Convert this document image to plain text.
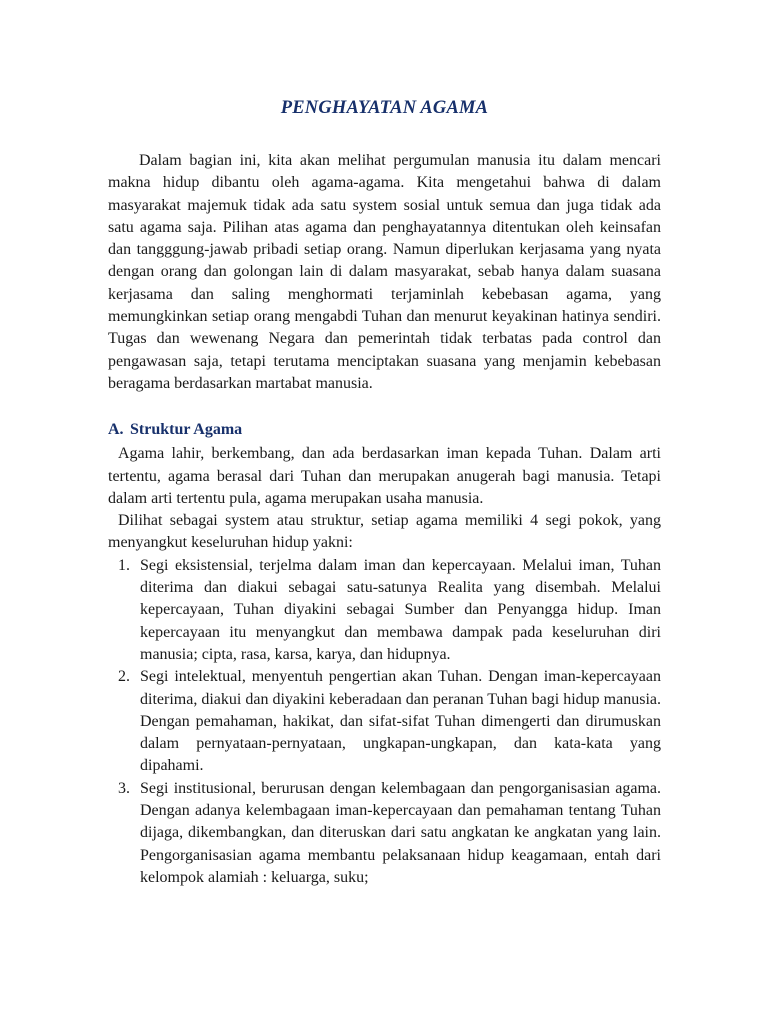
PENGHAYATAN AGAMA

Dalam bagian ini, kita akan melihat pergumulan manusia itu dalam mencari makna hidup dibantu oleh agama-agama. Kita mengetahui bahwa di dalam masyarakat majemuk tidak ada satu system sosial untuk semua dan juga tidak ada satu agama saja. Pilihan atas agama dan penghayatannya ditentukan oleh keinsafan dan tangggung-jawab pribadi setiap orang. Namun diperlukan kerjasama yang nyata dengan orang dan golongan lain di dalam masyarakat, sebab hanya dalam suasana kerjasama dan saling menghormati terjaminlah kebebasan agama, yang memungkinkan setiap orang mengabdi Tuhan dan menurut keyakinan hatinya sendiri. Tugas dan wewenang Negara dan pemerintah tidak terbatas pada control dan pengawasan saja, tetapi terutama menciptakan suasana yang menjamin kebebasan beragama berdasarkan martabat manusia.

A. Struktur Agama

Agama lahir, berkembang, dan ada berdasarkan iman kepada Tuhan. Dalam arti tertentu, agama berasal dari Tuhan dan merupakan anugerah bagi manusia. Tetapi dalam arti tertentu pula, agama merupakan usaha manusia.

Dilihat sebagai system atau struktur, setiap agama memiliki 4 segi pokok, yang menyangkut keseluruhan hidup yakni:

1. Segi eksistensial, terjelma dalam iman dan kepercayaan. Melalui iman, Tuhan diterima dan diakui sebagai satu-satunya Realita yang disembah. Melalui kepercayaan, Tuhan diyakini sebagai Sumber dan Penyangga hidup. Iman kepercayaan itu menyangkut dan membawa dampak pada keseluruhan diri manusia; cipta, rasa, karsa, karya, dan hidupnya.
2. Segi intelektual, menyentuh pengertian akan Tuhan. Dengan iman-kepercayaan diterima, diakui dan diyakini keberadaan dan peranan Tuhan bagi hidup manusia. Dengan pemahaman, hakikat, dan sifat-sifat Tuhan dimengerti dan dirumuskan dalam pernyataan-pernyataan, ungkapan-ungkapan, dan kata-kata yang dipahami.
3. Segi institusional, berurusan dengan kelembagaan dan pengorganisasian agama. Dengan adanya kelembagaan iman-kepercayaan dan pemahaman tentang Tuhan dijaga, dikembangkan, dan diteruskan dari satu angkatan ke angkatan yang lain. Pengorganisasian agama membantu pelaksanaan hidup keagamaan, entah dari kelompok alamiah : keluarga, suku;
